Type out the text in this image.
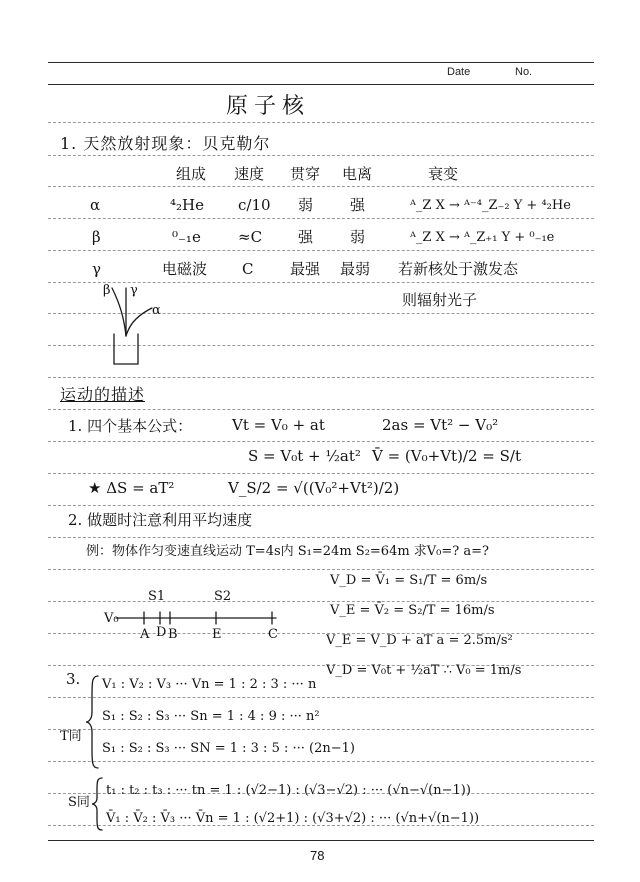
Date	No.
原子核
1. 天然放射现象：贝克勒尔
组成 速度 贯穿 电离	衰变
α	⁴₂He c/10 弱 强	ᴬ_Z X → ᴬ⁻⁴_Z₋₂ Y + ⁴₂He
β	⁰₋₁e ≈C 强 弱	ᴬ_Z X → ᴬ_Z₊₁ Y + ⁰₋₁e
γ	电磁波 C 最强 最弱 若新核处于激发态
则辐射光子
β γ
α
运动的描述
1. 四个基本公式：	Vt = V₀ + at	2as = Vt² − V₀²
S = V₀t + ½at² V̄ = (V₀+Vt)/2 = S/t
★ ΔS = aT²	V_S/2 = √((V₀²+Vt²)/2)
2. 做题时注意利用平均速度
例：物体作匀变速直线运动 T=4s内 S₁=24m S₂=64m 求V₀=? a=?
V_D = V̄₁ = S₁/T = 6m/s
V_E = V̄₂ = S₂/T = 16m/s
V_E = V_D + aT a = 2.5m/s²
V_D = V₀t + ½aT ∴ V₀ = 1m/s
S1	S2
V₀
A D B	E	C
3.
T同
V₁ : V₂ : V₃ ··· Vn = 1 : 2 : 3 : ··· n
S₁ : S₂ : S₃ ··· Sn = 1 : 4 : 9 : ··· n²
S₁ : S₂ : S₃ ··· SN = 1 : 3 : 5 : ··· (2n−1)
S同
t₁ : t₂ : t₃ : ··· tn = 1 : (√2−1) : (√3−√2) : ··· (√n−√(n−1))
V̄₁ : V̄₂ : V̄₃ ··· V̄n = 1 : (√2+1) : (√3+√2) : ··· (√n+√(n−1))
78
